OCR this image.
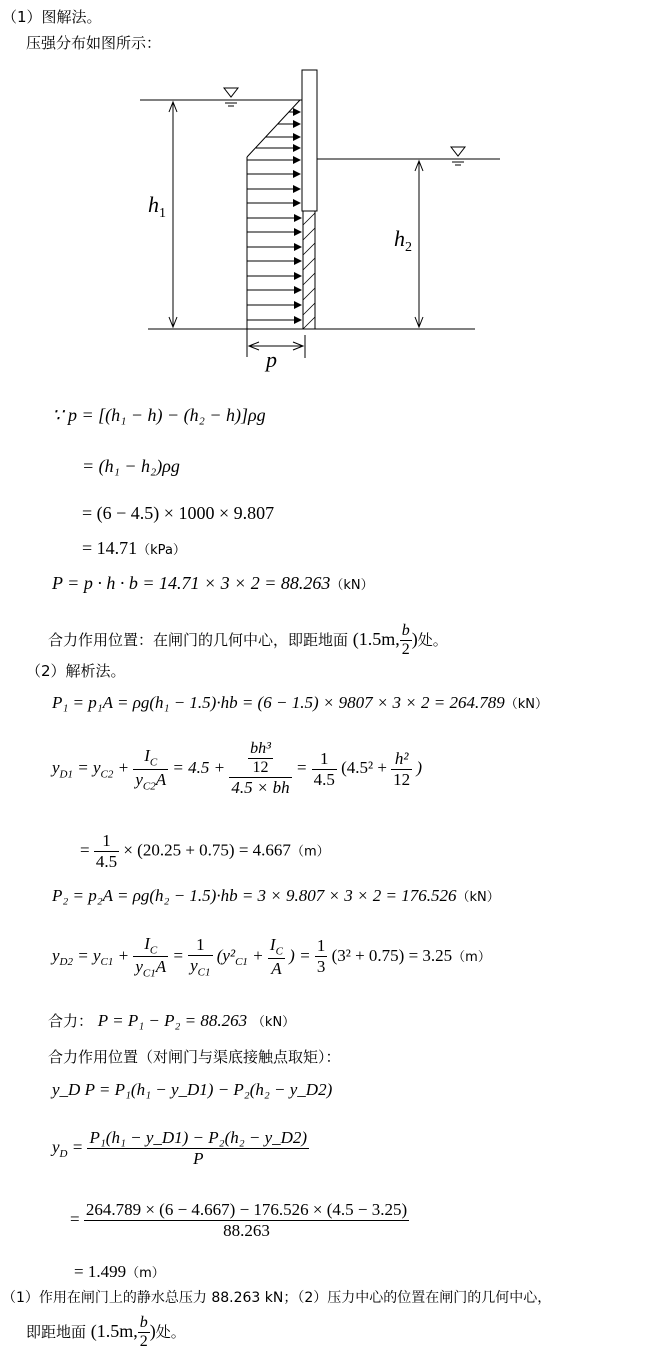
（1）图解法。
压强分布如图所示：
$h_1$
$h_2$
p
∵ p = [(h₁ − h) − (h₂ − h)]ρg
= (h₁ − h₂)ρg
= (6 − 4.5) × 1000 × 9.807
= 14.71（kPa）
P = p · h · b = 14.71 × 3 × 2 = 88.263（kN）
合力作用位置：在闸门的几何中心，即距地面 (1.5m, $\frac{b}{2}$ )处。
（2）解析法。
P₁ = p₁A = ρg(h₁ − 1.5)·hb = (6 − 1.5) × 9807 × 3 × 2 = 264.789（kN）
$y_{D1} = y_{C2} + \frac{I_C}{y_{C2}A} = 4.5 + \frac{\frac{\text{bh³}}{12}}{4.5 \times bh} = \frac{1}{4.5} (4.5^2 + \frac{\text{h²}}{12}$ )
= $\frac{1}{4.5} \times (20.25 + 0.75) = 4.667(m)$
P₂ = p₂A = ρg(h₂ − 1.5)·hb = 3 × 9.807 × 3 × 2 = 176.526（kN）
$y_{D2} = y_{C1} + \frac{I_C}{y_{C1}A} = \frac{1}{y_{C1}} (y^2_{C1} + \frac{I_C}{A}$ ) = $\frac{1}{3} (3^2 + 0.75) = 3.25(m)$
合力： P = P₁ − P₂ = 88.263 （kN）
合力作用位置（对闸门与渠底接触点取矩）：
y_D P = P₁(h₁ − y_D1) − P₂(h₂ − y_D2)
$y_D = \frac{\text{P₁(h₁ − y\_D1) − P₂(h₂ − y\_D2)}}{P}$
= $\frac{264.789 \times (6 - 4.667) - 176.526 \times (4.5 - 3.25)}{88.263}$
= 1.499（m）
（1）作用在闸门上的静水总压力 88.263 kN；（2）压力中心的位置在闸门的几何中心，
即距地面 (1.5m, $\frac{b}{2}$ )处。
